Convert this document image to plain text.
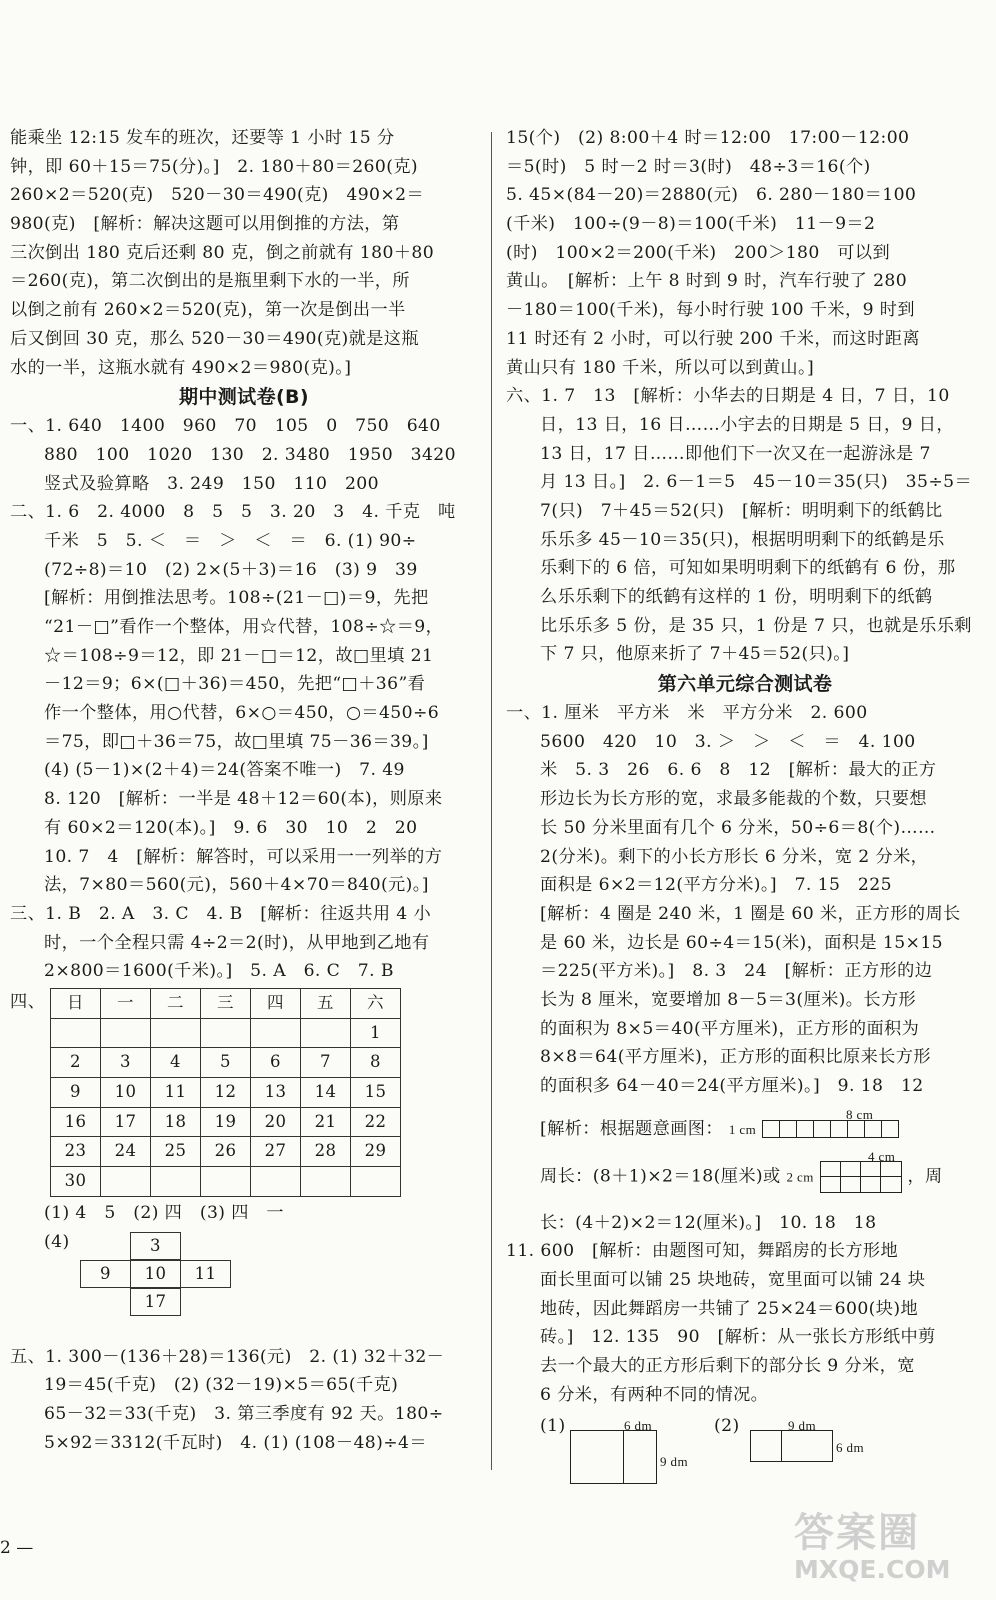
能乘坐 12:15 发车的班次，还要等 1 小时 15 分
钟，即 60＋15＝75(分)。]　2. 180＋80＝260(克)
260×2＝520(克)　520－30＝490(克)　490×2＝
980(克)　[解析：解决这题可以用倒推的方法，第
三次倒出 180 克后还剩 80 克，倒之前就有 180＋80
＝260(克)，第二次倒出的是瓶里剩下水的一半，所
以倒之前有 260×2＝520(克)，第一次是倒出一半
后又倒回 30 克，那么 520－30＝490(克)就是这瓶
水的一半，这瓶水就有 490×2＝980(克)。]
期中测试卷(B)
一、1. 640　1400　960　70　105　0　750　640
880　100　1020　130　2. 3480　1950　3420
竖式及验算略　3. 249　150　110　200
二、1. 6　2. 4000　8　5　5　3. 20　3　4. 千克　吨
千米　5　5. ＜　＝　＞　＜　＝　6. (1) 90÷
(72÷8)＝10　(2) 2×(5＋3)＝16　(3) 9　39
[解析：用倒推法思考。108÷(21－□)＝9，先把
“21－□”看作一个整体，用☆代替，108÷☆＝9，
☆＝108÷9＝12，即 21－□＝12，故□里填 21
－12＝9；6×(□＋36)＝450，先把“□＋36”看
作一个整体，用○代替，6×○＝450，○＝450÷6
＝75，即□＋36＝75，故□里填 75－36＝39。]
(4) (5－1)×(2＋4)＝24(答案不唯一)　7. 49
8. 120　[解析：一半是 48＋12＝60(本)，则原来
有 60×2＝120(本)。]　9. 6　30　10　2　20
10. 7　4　[解析：解答时，可以采用一一列举的方
法，7×80＝560(元)，560＋4×70＝840(元)。]
三、1. B　2. A　3. C　4. B　[解析：往返共用 4 小
时，一个全程只需 4÷2＝2(时)，从甲地到乙地有
2×800＝1600(千米)。]　5. A　6. C　7. B
四、 日	一	二	三	四	五	六
						1
2	3	4	5	6	7	8
9	10	11	12	13	14	15
16	17	18	19	20	21	22
23	24	25	26	27	28	29
30						
(1) 4　5　(2) 四　(3) 四　一
(4)	3
9	10	11
17
五、1. 300－(136＋28)＝136(元)　2. (1) 32＋32－
19＝45(千克)　(2) (32－19)×5＝65(千克)
65－32＝33(千克)　3. 第三季度有 92 天。180÷
5×92＝3312(千瓦时)　4. (1) (108－48)÷4＝
15(个)　(2) 8:00＋4 时＝12:00　17:00－12:00
＝5(时)　5 时－2 时＝3(时)　48÷3＝16(个)
5. 45×(84－20)＝2880(元)　6. 280－180＝100
(千米)　100÷(9－8)＝100(千米)　11－9＝2
(时)　100×2＝200(千米)　200＞180　可以到
黄山。　[解析：上午 8 时到 9 时，汽车行驶了 280
－180＝100(千米)，每小时行驶 100 千米，9 时到
11 时还有 2 小时，可以行驶 200 千米，而这时距离
黄山只有 180 千米，所以可以到黄山。]
六、1. 7　13　[解析：小华去的日期是 4 日，7 日，10
日，13 日，16 日……小宇去的日期是 5 日，9 日，
13 日，17 日……即他们下一次又在一起游泳是 7
月 13 日。]　2. 6－1＝5　45－10＝35(只)　35÷5＝
7(只)　7＋45＝52(只)　[解析：明明剩下的纸鹤比
乐乐多 45－10＝35(只)，根据明明剩下的纸鹤是乐
乐剩下的 6 倍，可知如果明明剩下的纸鹤有 6 份，那
么乐乐剩下的纸鹤有这样的 1 份，明明剩下的纸鹤
比乐乐多 5 份，是 35 只，1 份是 7 只，也就是乐乐剩
下 7 只，他原来折了 7＋45＝52(只)。]
第六单元综合测试卷
一、1. 厘米　平方米　米　平方分米　2. 600
5600　420　10　3. ＞　＞　＜　＝　4. 100
米　5. 3　26　6. 6　8　12　[解析：最大的正方
形边长为长方形的宽，求最多能裁的个数，只要想
长 50 分米里面有几个 6 分米，50÷6＝8(个)……
2(分米)。剩下的小长方形长 6 分米，宽 2 分米，
面积是 6×2＝12(平方分米)。]　7. 15　225
[解析：4 圈是 240 米，1 圈是 60 米，正方形的周长
是 60 米，边长是 60÷4＝15(米)，面积是 15×15
＝225(平方米)。]　8. 3　24　[解析：正方形的边
长为 8 厘米，宽要增加 8－5＝3(厘米)。长方形
的面积为 8×5＝40(平方厘米)，正方形的面积为
8×8＝64(平方厘米)，正方形的面积比原来长方形
的面积多 64－40＝24(平方厘米)。]　9. 18　12
8 cm
[解析：根据题意画图： 1 cm
4 cm
周长：(8＋1)×2＝18(厘米)或 2 cm	，周
长：(4＋2)×2＝12(厘米)。]　10. 18　18
11. 600　[解析：由题图可知，舞蹈房的长方形地
面长里面可以铺 25 块地砖，宽里面可以铺 24 块
地砖，因此舞蹈房一共铺了 25×24＝600(块)地
砖。]　12. 135　90　[解析：从一张长方形纸中剪
去一个最大的正方形后剩下的部分长 9 分米，宽
6 分米，有两种不同的情况。
(1)	6 dm
9 dm
(2)	9 dm
6 dm
2 —	答案圈
MXQE.COM
